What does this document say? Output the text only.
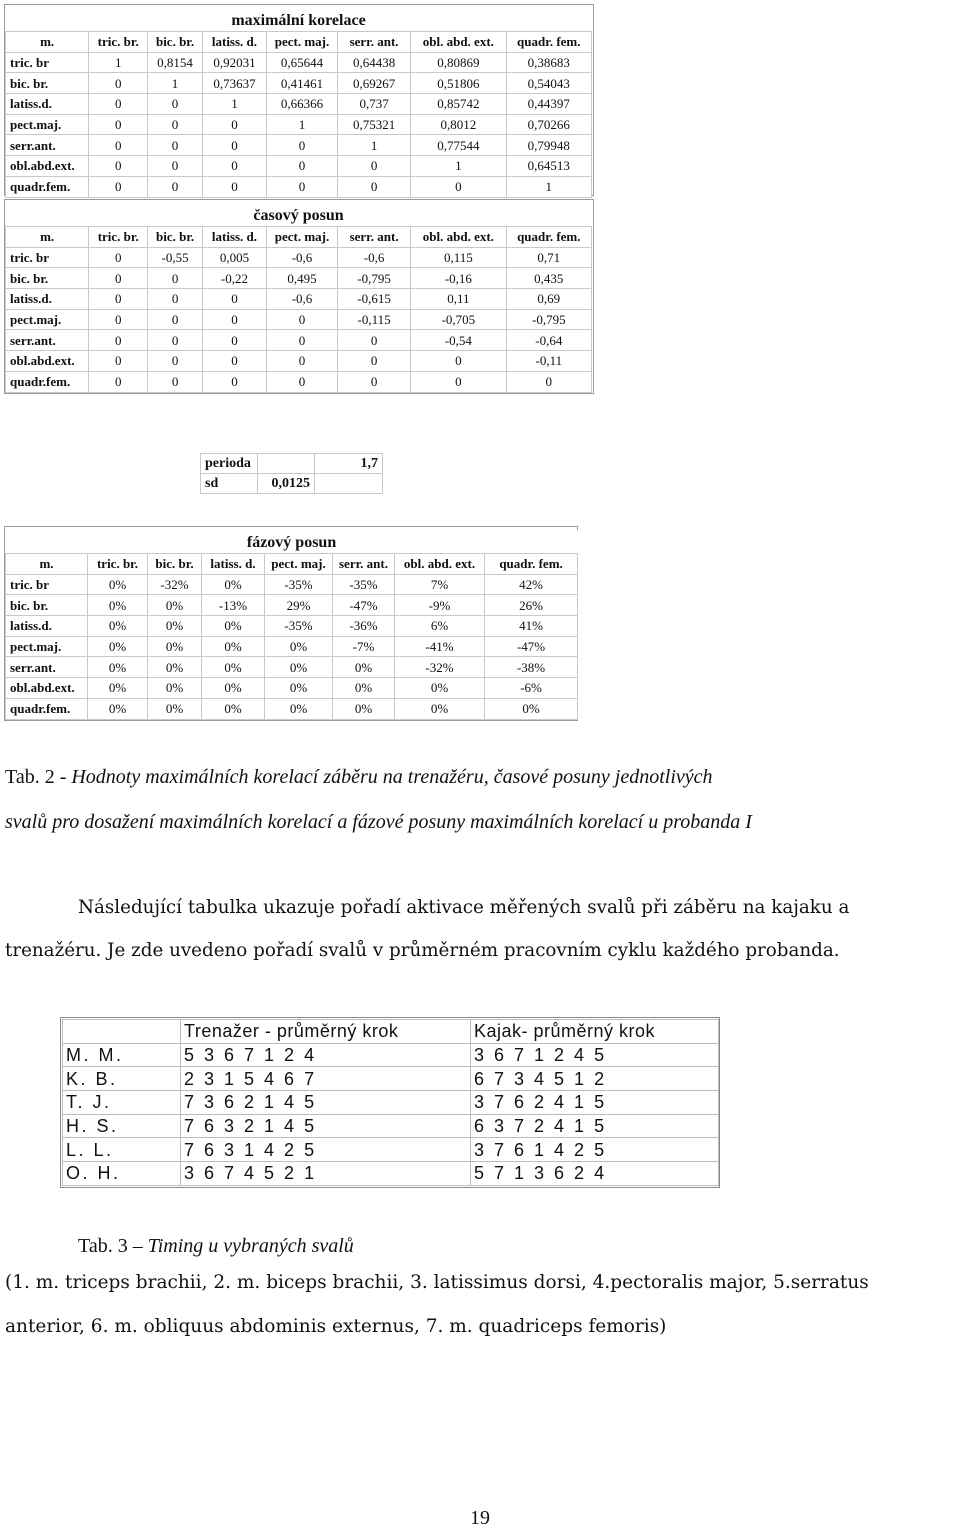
maximální korelace							
m.	tric. br.	bic. br.	latiss. d.	pect. maj.	serr. ant.	obl. abd. ext.	quadr. fem.
tric. br	1	0,8154	0,92031	0,65644	0,64438	0,80869	0,38683
bic. br.	0	1	0,73637	0,41461	0,69267	0,51806	0,54043
latiss.d.	0	0	1	0,66366	0,737	0,85742	0,44397
pect.maj.	0	0	0	1	0,75321	0,8012	0,70266
serr.ant.	0	0	0	0	1	0,77544	0,79948
obl.abd.ext.	0	0	0	0	0	1	0,64513
quadr.fem.	0	0	0	0	0	0	1
časový posun							
m.	tric. br.	bic. br.	latiss. d.	pect. maj.	serr. ant.	obl. abd. ext.	quadr. fem.
tric. br	0	-0,55	0,005	-0,6	-0,6	0,115	0,71
bic. br.	0	0	-0,22	0,495	-0,795	-0,16	0,435
latiss.d.	0	0	0	-0,6	-0,615	0,11	0,69
pect.maj.	0	0	0	0	-0,115	-0,705	-0,795
serr.ant.	0	0	0	0	0	-0,54	-0,64
obl.abd.ext.	0	0	0	0	0	0	-0,11
quadr.fem.	0	0	0	0	0	0	0
perioda		1,7
sd	0,0125	
fázový posun							
m.	tric. br.	bic. br.	latiss. d.	pect. maj.	serr. ant.	obl. abd. ext.	quadr. fem.
tric. br	0%	-32%	0%	-35%	-35%	7%	42%
bic. br.	0%	0%	-13%	29%	-47%	-9%	26%
latiss.d.	0%	0%	0%	-35%	-36%	6%	41%
pect.maj.	0%	0%	0%	0%	-7%	-41%	-47%
serr.ant.	0%	0%	0%	0%	0%	-32%	-38%
obl.abd.ext.	0%	0%	0%	0%	0%	0%	-6%
quadr.fem.	0%	0%	0%	0%	0%	0%	0%
Tab. 2 - Hodnoty maximálních korelací záběru na trenažéru, časové posuny jednotlivých
svalů pro dosažení maximálních korelací a fázové posuny maximálních korelací u probanda I
Následující tabulka ukazuje pořadí aktivace měřených svalů při záběru na kajaku a
trenažéru. Je zde uvedeno pořadí svalů v průměrném pracovním cyklu každého probanda.
	Trenažer - průměrný krok	Kajak- průměrný krok
M. M.	5 3 6 7 1 2 4	3 6 7 1 2 4 5
K. B.	2 3 1 5 4 6 7	6 7 3 4 5 1 2
T. J.	7 3 6 2 1 4 5	3 7 6 2 4 1 5
H. S.	7 6 3 2 1 4 5	6 3 7 2 4 1 5
L. L.	7 6 3 1 4 2 5	3 7 6 1 4 2 5
O. H.	3 6 7 4 5 2 1	5 7 1 3 6 2 4
Tab. 3 – Timing u vybraných svalů
(1. m. triceps brachii, 2. m. biceps brachii, 3. latissimus dorsi, 4.pectoralis major, 5.serratus
anterior, 6. m. obliquus abdominis externus, 7. m. quadriceps femoris)
19
